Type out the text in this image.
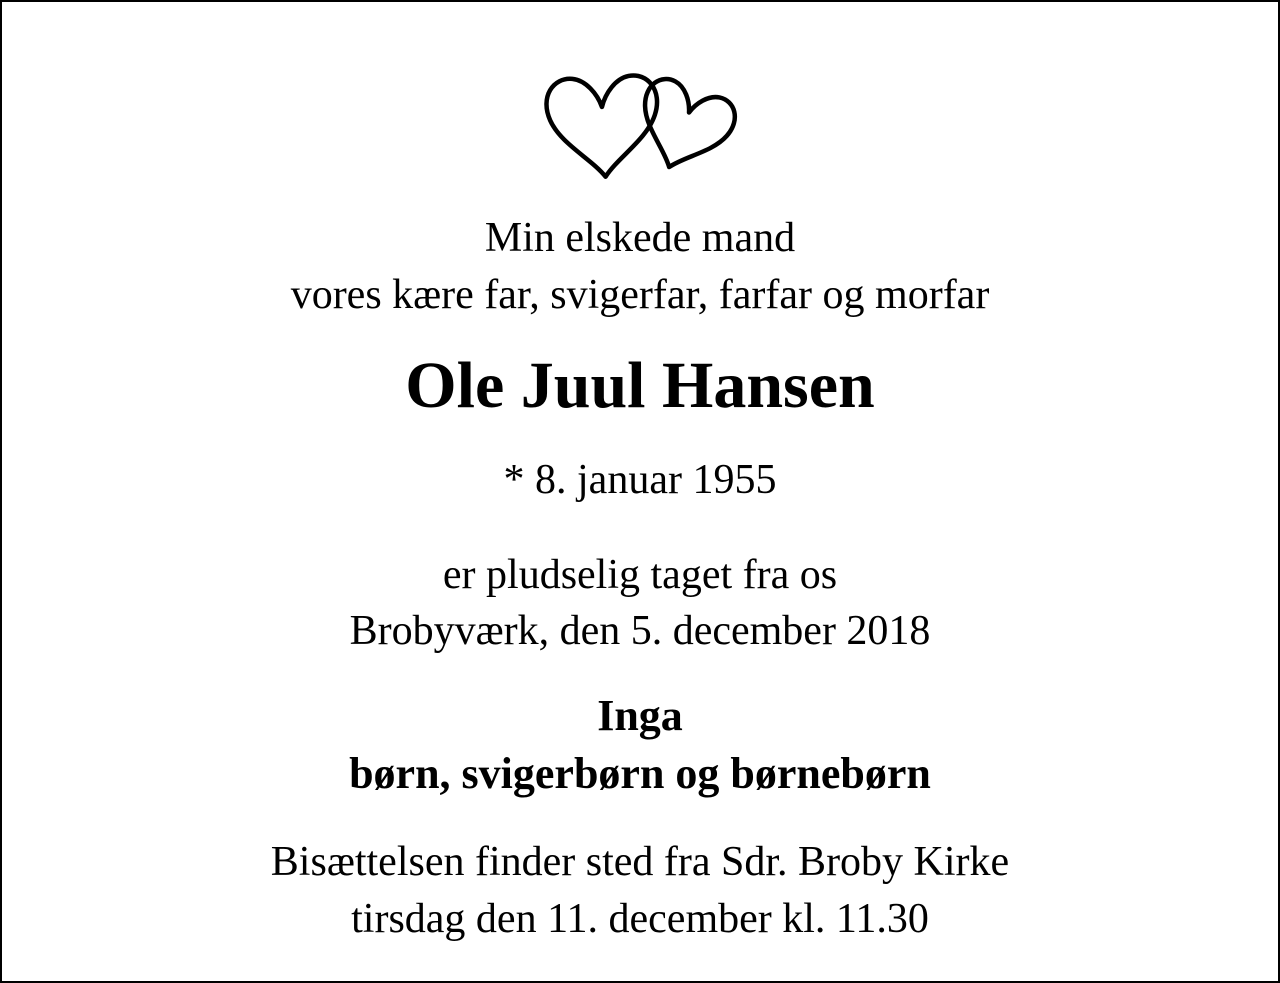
Min elskede mand
vores kære far, svigerfar, farfar og morfar

Ole Juul Hansen

* 8. januar 1955

er pludselig taget fra os
Brobyværk, den 5. december 2018

Inga
børn, svigerbørn og børnebørn

Bisættelsen finder sted fra Sdr. Broby Kirke
tirsdag den 11. december kl. 11.30
